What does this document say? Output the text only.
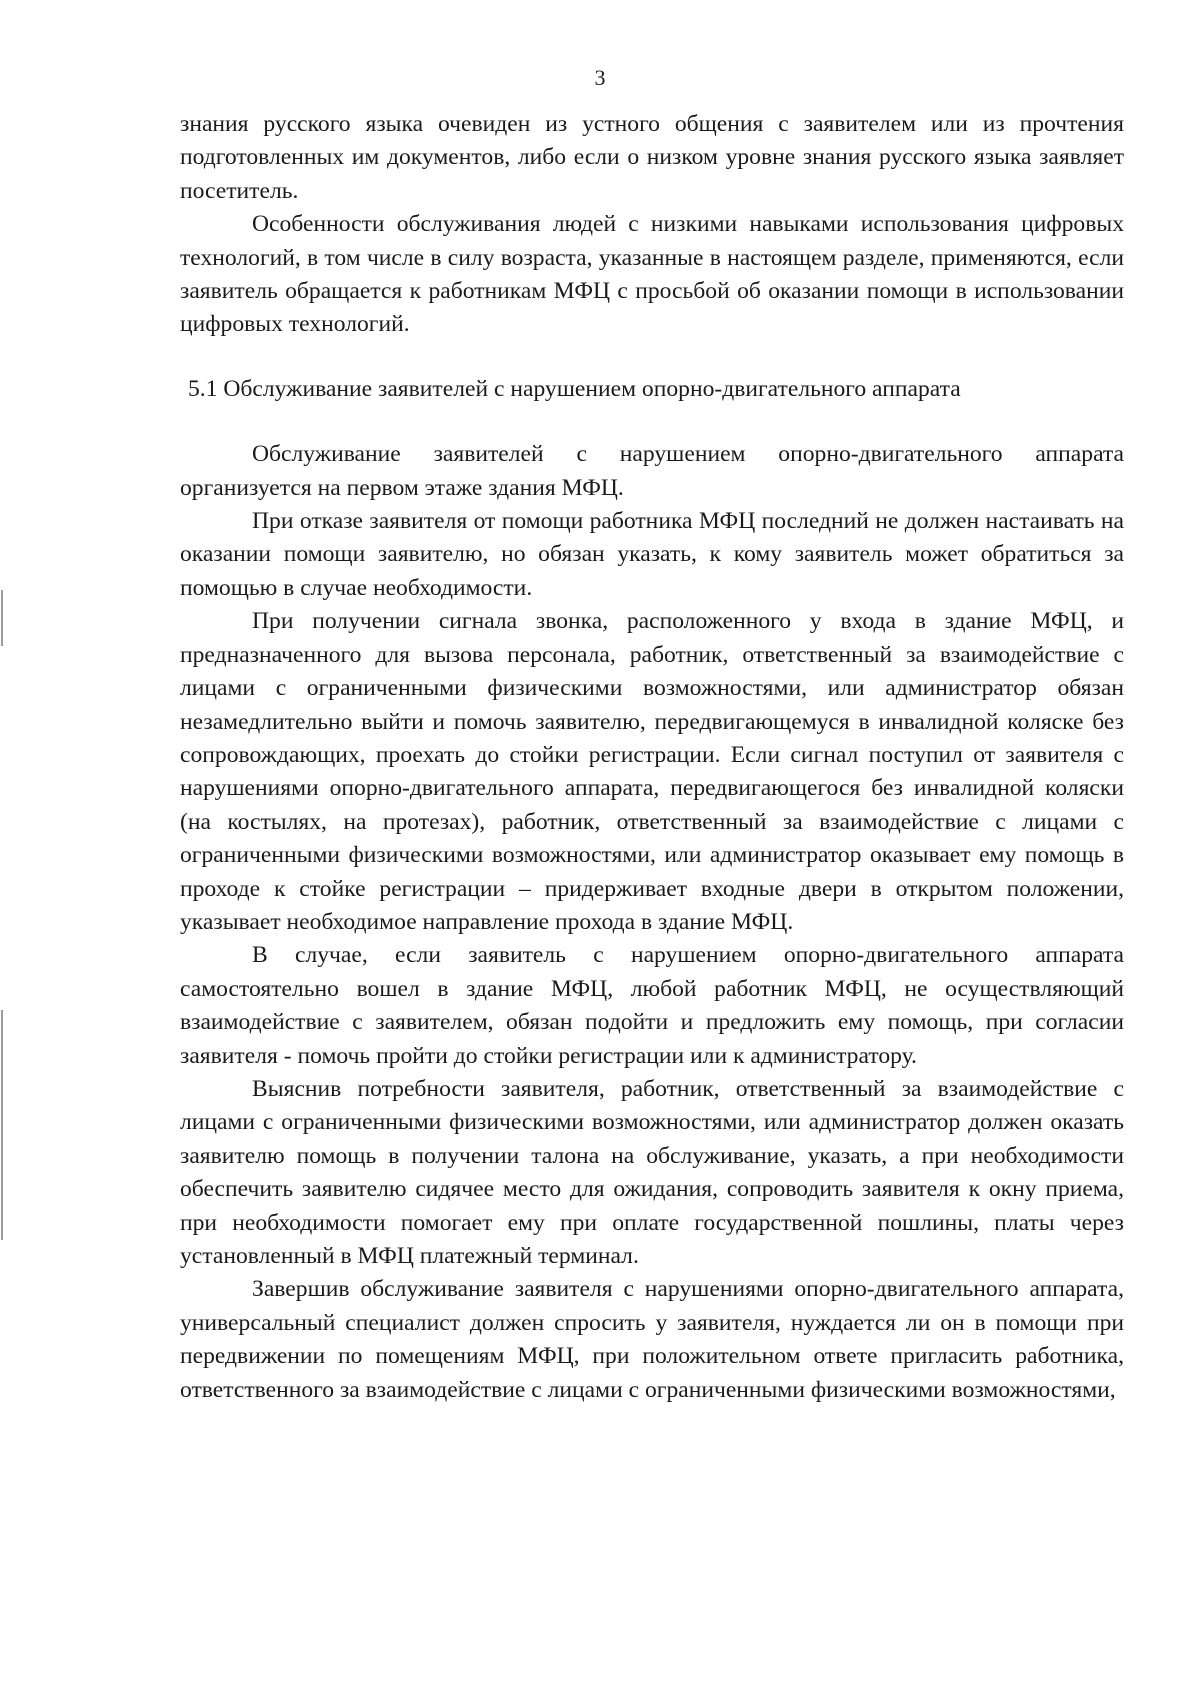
3

знания русского языка очевиден из устного общения с заявителем или из прочтения подготовленных им документов, либо если о низком уровне знания русского языка заявляет посетитель.

Особенности обслуживания людей с низкими навыками использования цифровых технологий, в том числе в силу возраста, указанные в настоящем разделе, применяются, если заявитель обращается к работникам МФЦ с просьбой об оказании помощи в использовании цифровых технологий.

5.1 Обслуживание заявителей с нарушением опорно-двигательного аппарата

Обслуживание заявителей с нарушением опорно-двигательного аппарата организуется на первом этаже здания МФЦ.

При отказе заявителя от помощи работника МФЦ последний не должен настаивать на оказании помощи заявителю, но обязан указать, к кому заявитель может обратиться за помощью в случае необходимости.

При получении сигнала звонка, расположенного у входа в здание МФЦ, и предназначенного для вызова персонала, работник, ответственный за взаимодействие с лицами с ограниченными физическими возможностями, или администратор обязан незамедлительно выйти и помочь заявителю, передвигающемуся в инвалидной коляске без сопровождающих, проехать до стойки регистрации. Если сигнал поступил от заявителя с нарушениями опорно-двигательного аппарата, передвигающегося без инвалидной коляски (на костылях, на протезах), работник, ответственный за взаимодействие с лицами с ограниченными физическими возможностями, или администратор оказывает ему помощь в проходе к стойке регистрации – придерживает входные двери в открытом положении, указывает необходимое направление прохода в здание МФЦ.

В случае, если заявитель с нарушением опорно-двигательного аппарата самостоятельно вошел в здание МФЦ, любой работник МФЦ, не осуществляющий взаимодействие с заявителем, обязан подойти и предложить ему помощь, при согласии заявителя - помочь пройти до стойки регистрации или к администратору.

Выяснив потребности заявителя, работник, ответственный за взаимодействие с лицами с ограниченными физическими возможностями, или администратор должен оказать заявителю помощь в получении талона на обслуживание, указать, а при необходимости обеспечить заявителю сидячее место для ожидания, сопроводить заявителя к окну приема, при необходимости помогает ему при оплате государственной пошлины, платы через установленный в МФЦ платежный терминал.

Завершив обслуживание заявителя с нарушениями опорно-двигательного аппарата, универсальный специалист должен спросить у заявителя, нуждается ли он в помощи при передвижении по помещениям МФЦ, при положительном ответе пригласить работника, ответственного за взаимодействие с лицами с ограниченными физическими возможностями,
